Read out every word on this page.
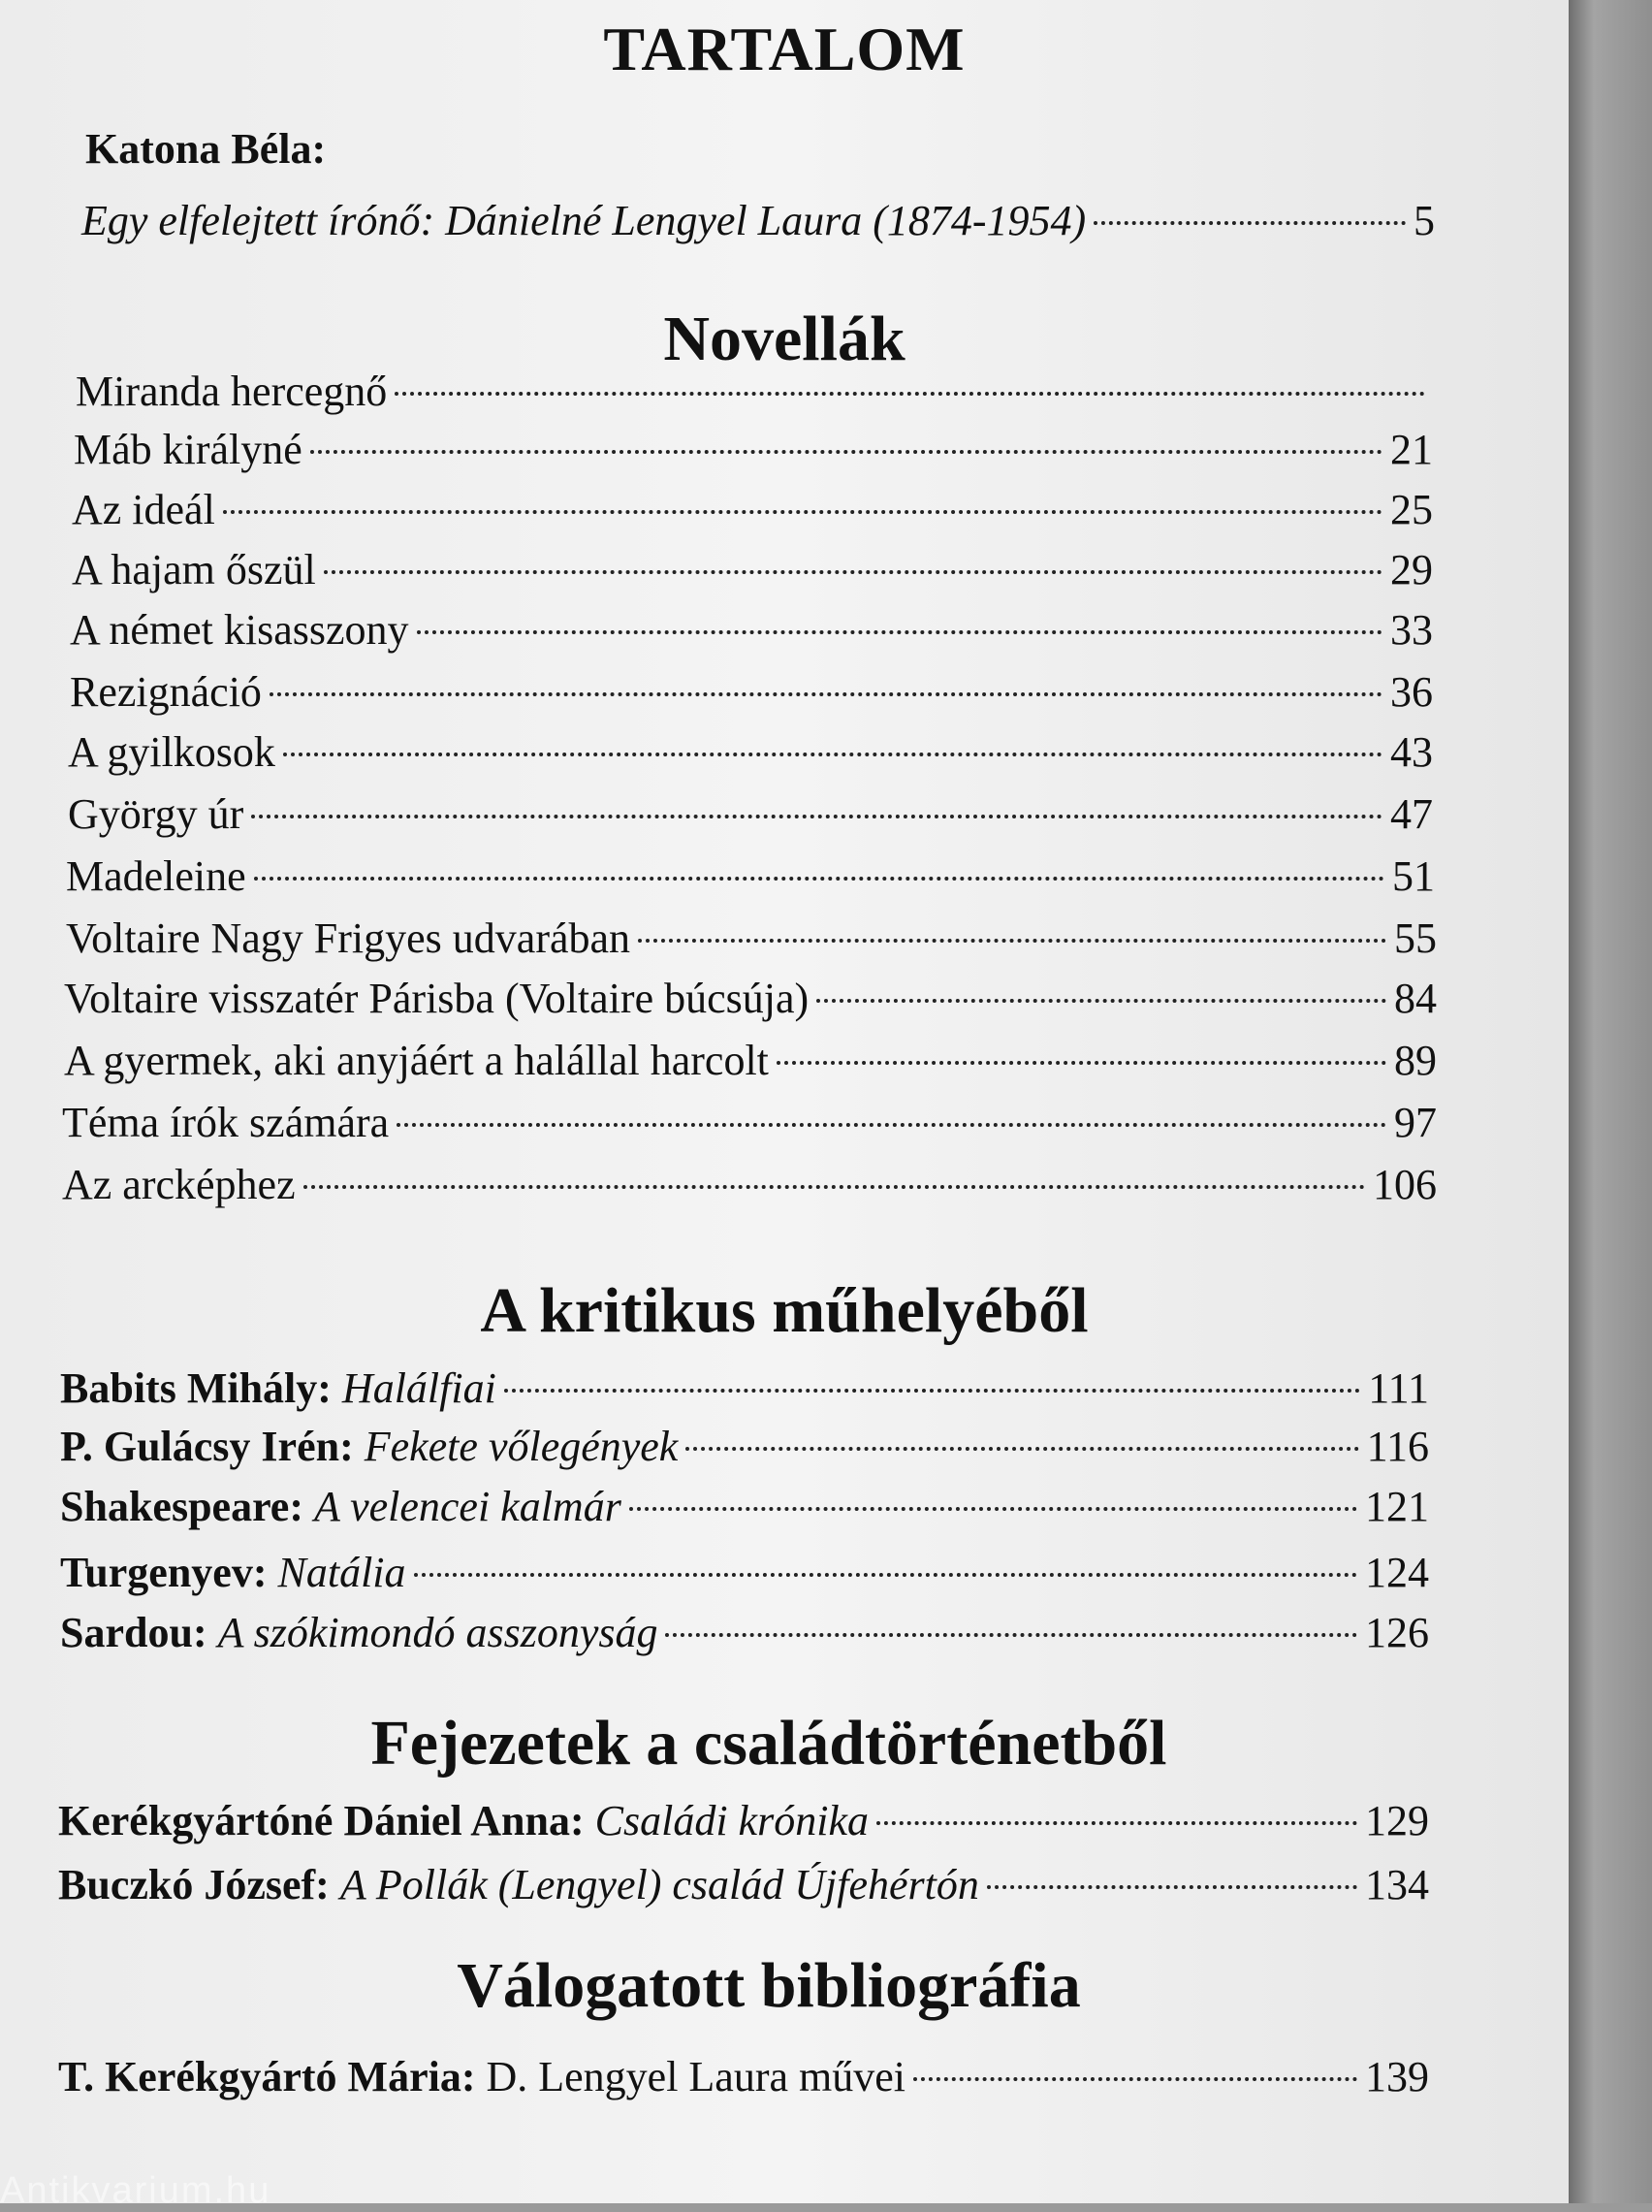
TARTALOM
Katona Béla:
Egy elfelejtett írónő: Dánielné Lengyel Laura (1874-1954)	5
Novellák
Miranda hercegnő
Máb királyné	21
Az ideál	25
A hajam őszül	29
A német kisasszony	33
Rezignáció	36
A gyilkosok	43
György úr	47
Madeleine	51
Voltaire Nagy Frigyes udvarában	55
Voltaire visszatér Párisba (Voltaire búcsúja)	84
A gyermek, aki anyjáért a halállal harcolt	89
Téma írók számára	97
Az arcképhez	106
A kritikus műhelyéből
Babits Mihály: Halálfiai	111
P. Gulácsy Irén: Fekete vőlegények	116
Shakespeare: A velencei kalmár	121
Turgenyev: Natália	124
Sardou: A szókimondó asszonyság	126
Fejezetek a családtörténetből
Kerékgyártóné Dániel Anna: Családi krónika	129
Buczkó József: A Pollák (Lengyel) család Újfehértón	134
Válogatott bibliográfia
T. Kerékgyártó Mária: D. Lengyel Laura művei	139
Antikvarium.hu
